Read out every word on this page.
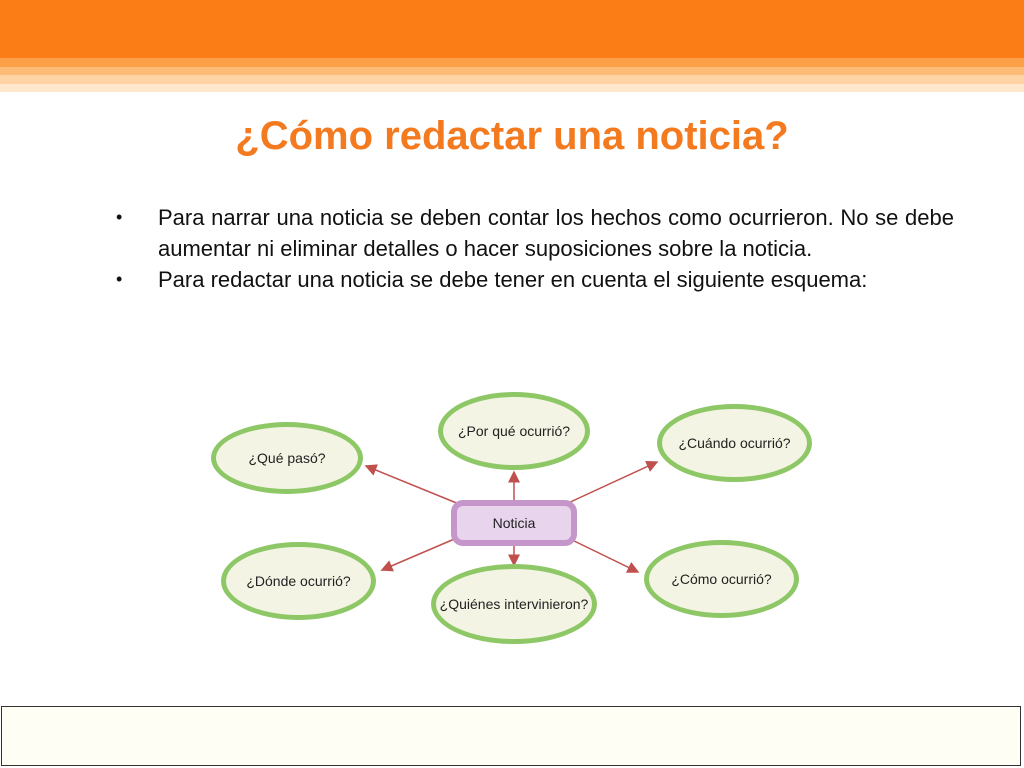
¿Cómo redactar una noticia?
• Para narrar una noticia se deben contar los hechos como ocurrieron. No se debe aumentar ni eliminar detalles o hacer suposiciones sobre la noticia.
• Para redactar una noticia se debe tener en cuenta el siguiente esquema:
¿Qué pasó?
¿Por qué ocurrió?
¿Cuándo ocurrió?
Noticia
¿Dónde ocurrió?
¿Quiénes intervinieron?
¿Cómo ocurrió?
